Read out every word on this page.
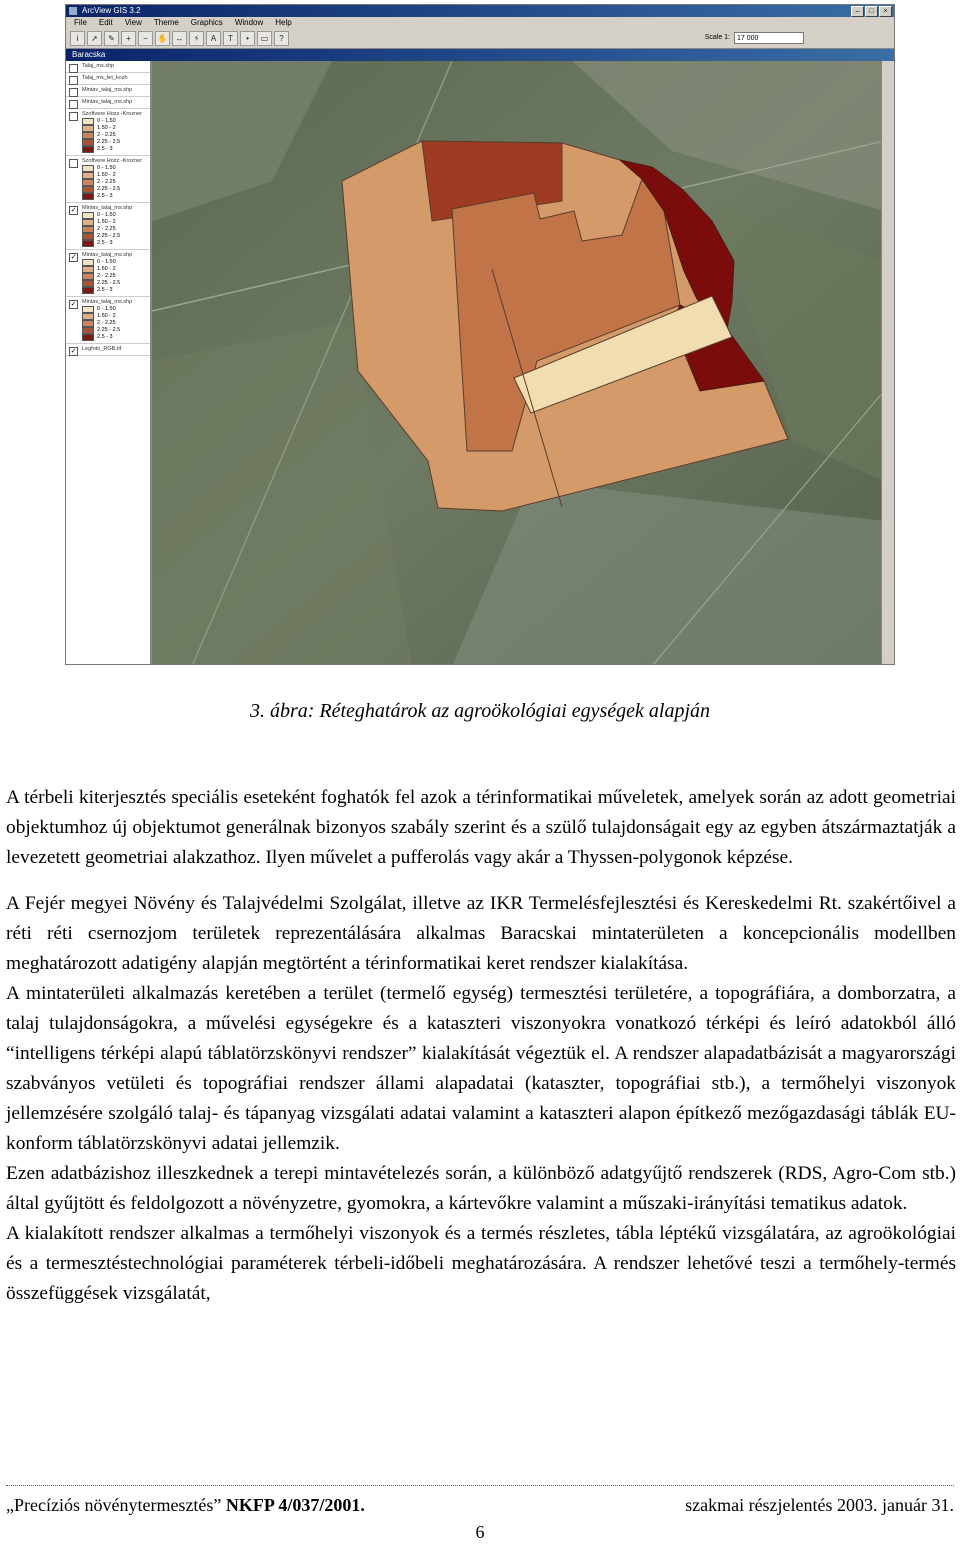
ArcView GIS 3.2	–	□	×
File Edit View Theme Graphics Window Help
i	➚	✎	+	−	✋	↔	⚡	A	T	•	▭	?	Scale 1:	17 000
Baracska
Talaj_ms.shp
Talaj_ms_tet_kozh
Mintav_talaj_ms.shp
Mintav_talaj_ms.shp
Szoftvere Hozz.-Krozner
0 - 1.50
1.50 - 2
2 - 2.25
2.25 - 2.5
2.5 - 3
Szoftvere Hozz.-Krozner
0 - 1.50
1.50 - 2
2 - 2.25
2.25 - 2.5
2.5 - 3
✓ Mintav_talaj_ms.shp
0 - 1.50
1.50 - 2
2 - 2.25
2.25 - 2.5
2.5 - 3
✓ Mintav_talaj_ms.shp
0 - 1.50
1.50 - 2
2 - 2.25
2.25 - 2.5
2.5 - 3
✓ Mintav_talaj_ms.shp
0 - 1.50
1.50 - 2
2 - 2.25
2.25 - 2.5
2.5 - 3
✓ Legfoto_RGB.tif
3. ábra: Réteghatárok az agroökológiai egységek alapján

A térbeli kiterjesztés speciális eseteként foghatók fel azok a térinformatikai műveletek, amelyek során az adott geometriai objektumhoz új objektumot generálnak bizonyos szabály szerint és a szülő tulajdonságait egy az egyben átszármaztatják a levezetett geometriai alakzathoz. Ilyen művelet a pufferolás vagy akár a Thyssen-polygonok képzése.

A Fejér megyei Növény és Talajvédelmi Szolgálat, illetve az IKR Termelésfejlesztési és Kereskedelmi Rt. szakértőivel a réti réti csernozjom területek reprezentálására alkalmas Baracskai mintaterületen a koncepcionális modellben meghatározott adatigény alapján megtörtént a térinformatikai keret rendszer kialakítása.

A mintaterületi alkalmazás keretében a terület (termelő egység) termesztési területére, a topográfiára, a domborzatra, a talaj tulajdonságokra, a művelési egységekre és a kataszteri viszonyokra vonatkozó térképi és leíró adatokból álló “intelligens térképi alapú táblatörzskönyvi rendszer” kialakítását végeztük el. A rendszer alapadatbázisát a magyarországi szabványos vetületi és topográfiai rendszer állami alapadatai (kataszter, topográfiai stb.), a termőhelyi viszonyok jellemzésére szolgáló talaj- és tápanyag vizsgálati adatai valamint a kataszteri alapon építkező mezőgazdasági táblák EU-konform táblatörzskönyvi adatai jellemzik.

Ezen adatbázishoz illeszkednek a terepi mintavételezés során, a különböző adatgyűjtő rendszerek (RDS, Agro-Com stb.) által gyűjtött és feldolgozott a növényzetre, gyomokra, a kártevőkre valamint a műszaki-irányítási tematikus adatok.

A kialakított rendszer alkalmas a termőhelyi viszonyok és a termés részletes, tábla léptékű vizsgálatára, az agroökológiai és a termesztéstechnológiai paraméterek térbeli-időbeli meghatározására. A rendszer lehetővé teszi a termőhely-termés összefüggések vizsgálatát,

„Precíziós növénytermesztés” NKFP 4/037/2001.	szakmai részjelentés 2003. január 31.
6
